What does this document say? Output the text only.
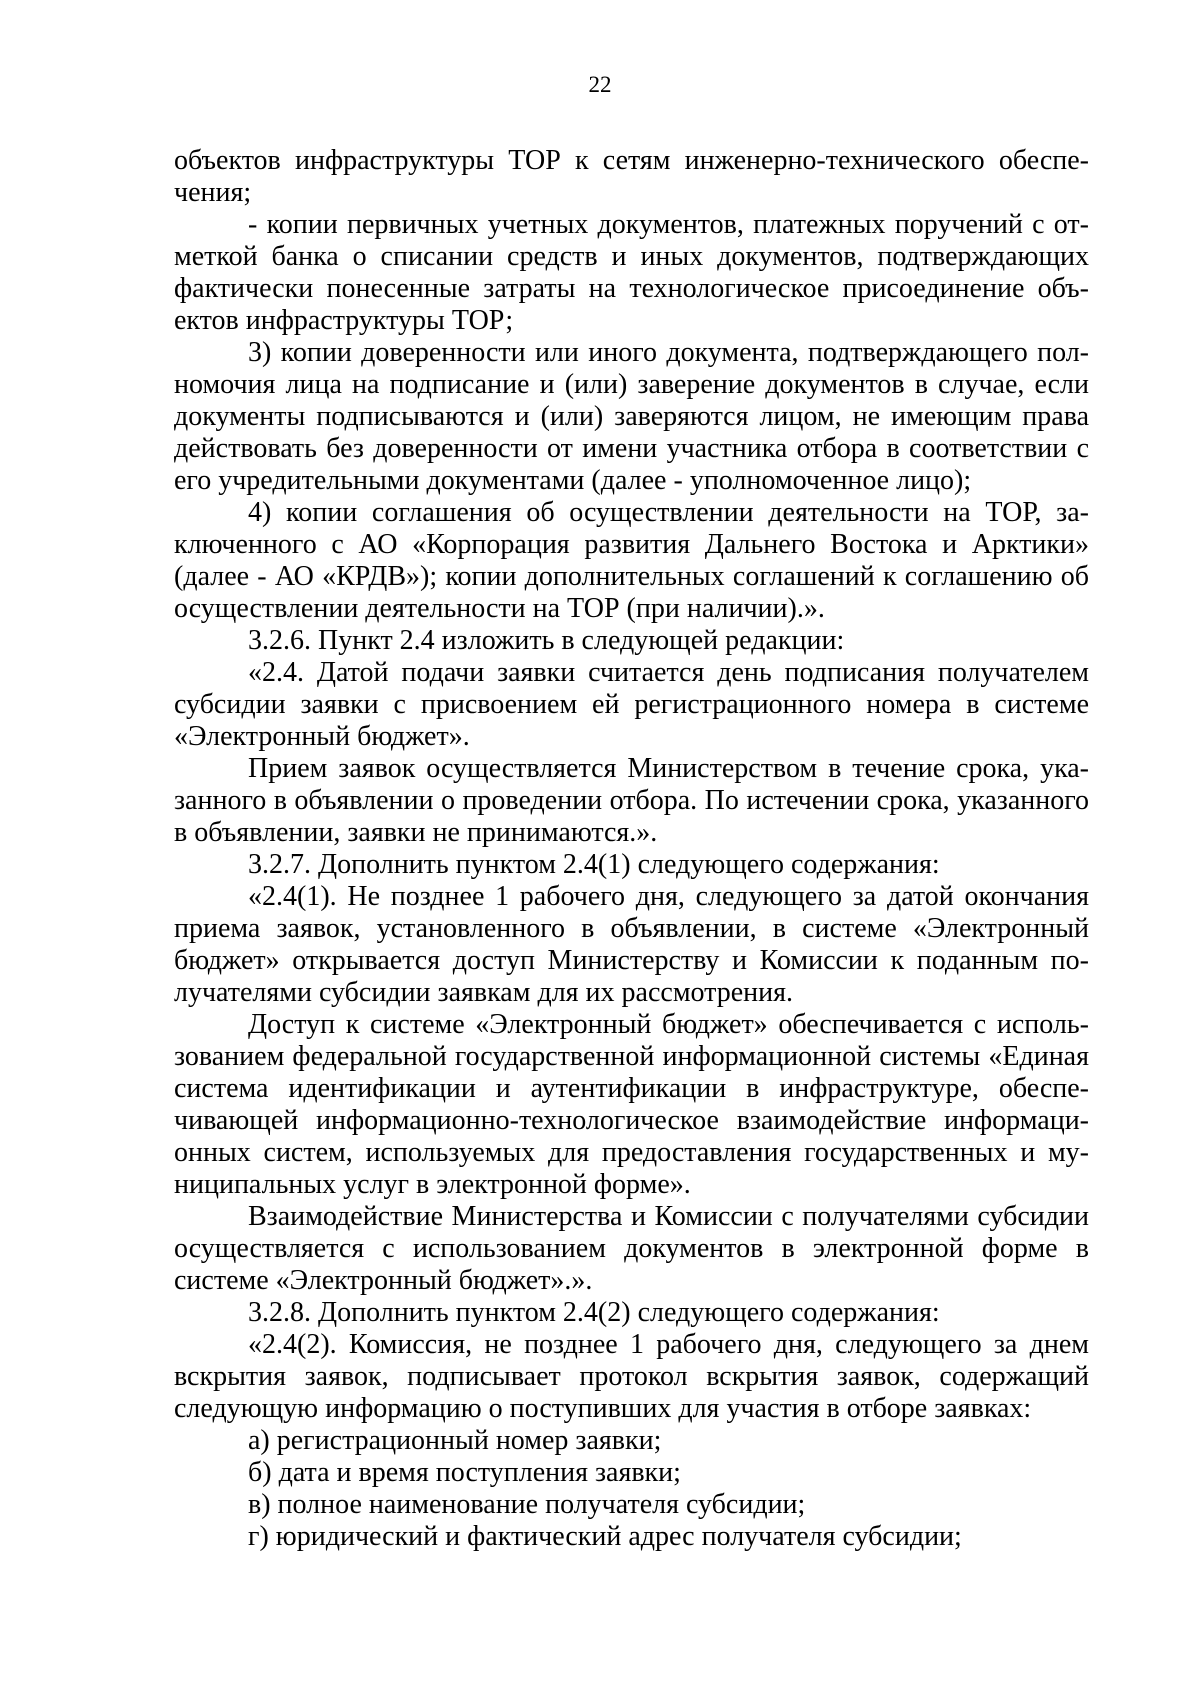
22

объектов инфраструктуры ТОР к сетям инженерно-технического обеспечения;

- копии первичных учетных документов, платежных поручений с отметкой банка о списании средств и иных документов, подтверждающих фактически понесенные затраты на технологическое присоединение объектов инфраструктуры ТОР;

3) копии доверенности или иного документа, подтверждающего полномочия лица на подписание и (или) заверение документов в случае, если документы подписываются и (или) заверяются лицом, не имеющим права действовать без доверенности от имени участника отбора в соответствии с его учредительными документами (далее - уполномоченное лицо);

4) копии соглашения об осуществлении деятельности на ТОР, заключенного с АО «Корпорация развития Дальнего Востока и Арктики» (далее - АО «КРДВ»); копии дополнительных соглашений к соглашению об осуществлении деятельности на ТОР (при наличии).».

3.2.6. Пункт 2.4 изложить в следующей редакции:

«2.4. Датой подачи заявки считается день подписания получателем субсидии заявки с присвоением ей регистрационного номера в системе «Электронный бюджет».

Прием заявок осуществляется Министерством в течение срока, указанного в объявлении о проведении отбора. По истечении срока, указанного в объявлении, заявки не принимаются.».

3.2.7. Дополнить пунктом 2.4(1) следующего содержания:

«2.4(1). Не позднее 1 рабочего дня, следующего за датой окончания приема заявок, установленного в объявлении, в системе «Электронный бюджет» открывается доступ Министерству и Комиссии к поданным получателями субсидии заявкам для их рассмотрения.

Доступ к системе «Электронный бюджет» обеспечивается с использованием федеральной государственной информационной системы «Единая система идентификации и аутентификации в инфраструктуре, обеспечивающей информационно-технологическое взаимодействие информационных систем, используемых для предоставления государственных и муниципальных услуг в электронной форме».

Взаимодействие Министерства и Комиссии с получателями субсидии осуществляется с использованием документов в электронной форме в системе «Электронный бюджет».».

3.2.8. Дополнить пунктом 2.4(2) следующего содержания:

«2.4(2). Комиссия, не позднее 1 рабочего дня, следующего за днем вскрытия заявок, подписывает протокол вскрытия заявок, содержащий следующую информацию о поступивших для участия в отборе заявках:

а) регистрационный номер заявки;

б) дата и время поступления заявки;

в) полное наименование получателя субсидии;

г) юридический и фактический адрес получателя субсидии;
